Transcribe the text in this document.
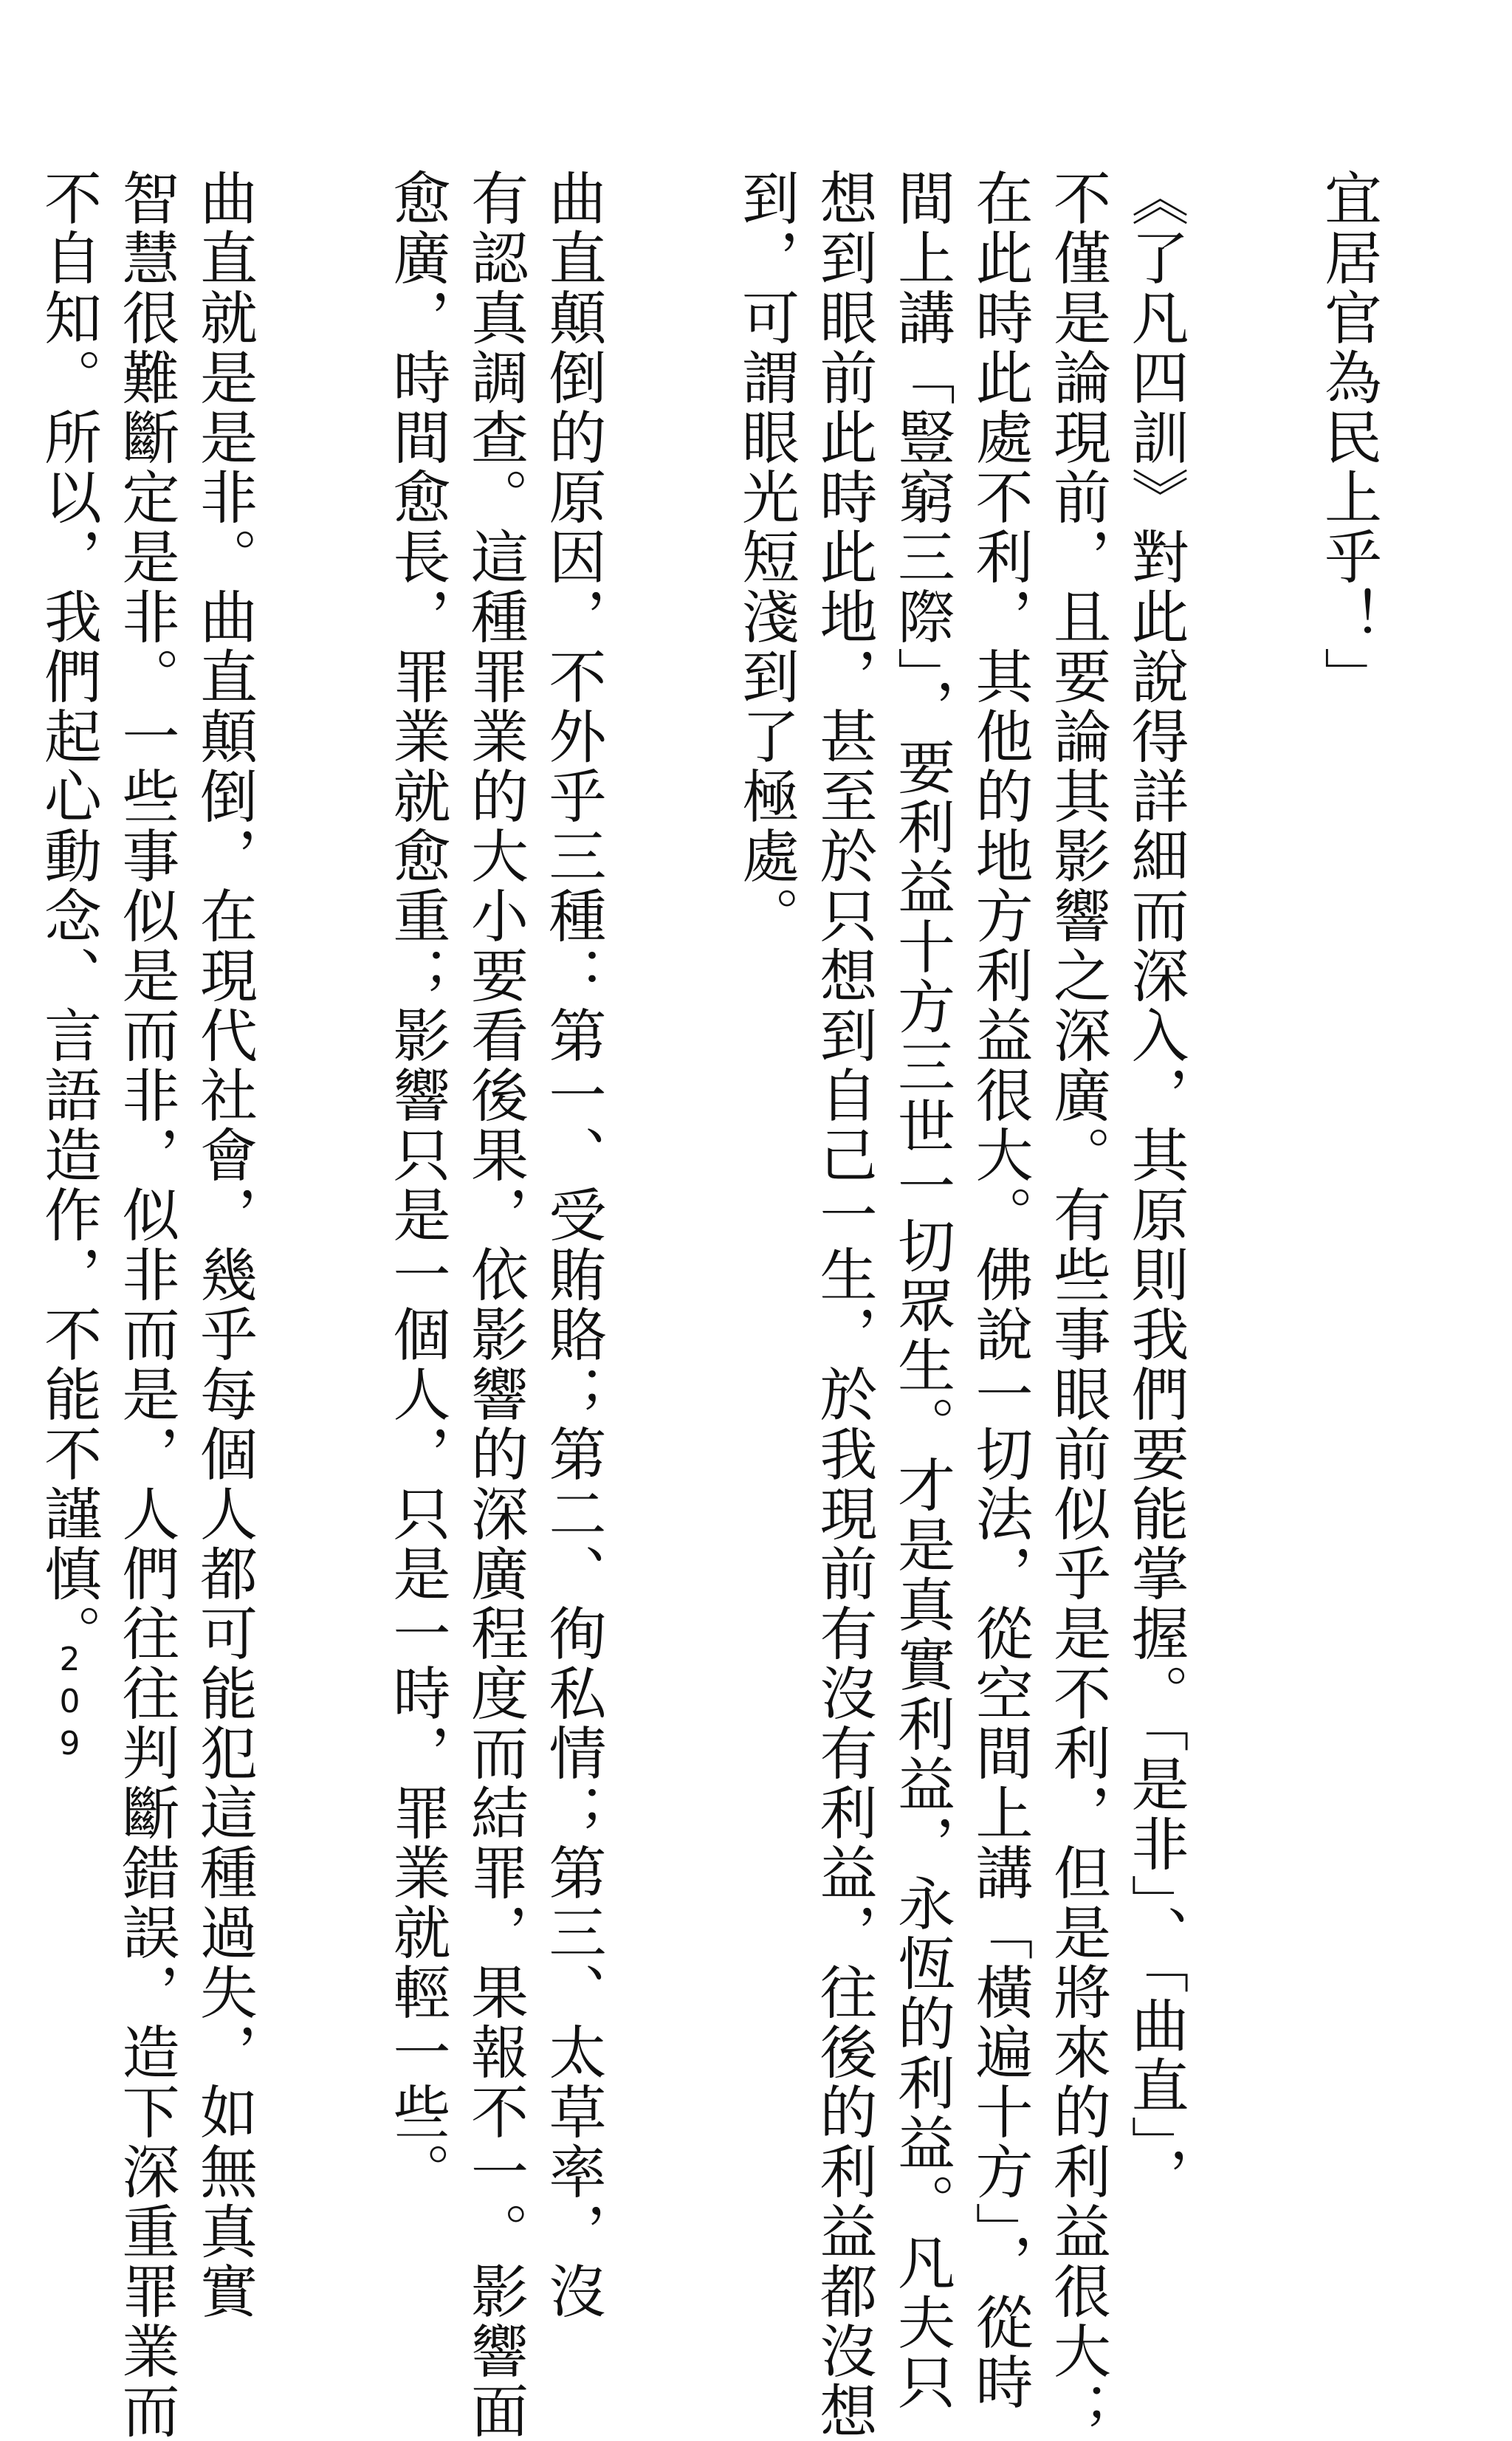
宜居官為民上乎！」
《了凡四訓》對此說得詳細而深入，其原則我們要能掌握。「是非」、「曲直」，
不僅是論現前，且要論其影響之深廣。有些事眼前似乎是不利，但是將來的利益很大；
在此時此處不利，其他的地方利益很大。佛說一切法，從空間上講「橫遍十方」，從時
間上講「豎窮三際」，要利益十方三世一切眾生。才是真實利益，永恆的利益。凡夫只
想到眼前此時此地，甚至於只想到自己一生，於我現前有沒有利益，往後的利益都沒想
到，可謂眼光短淺到了極處。
曲直顛倒的原因，不外乎三種：第一、受賄賂；第二、徇私情；第三、太草率，沒
有認真調查。這種罪業的大小要看後果，依影響的深廣程度而結罪，果報不一。影響面
愈廣，時間愈長，罪業就愈重；影響只是一個人，只是一時，罪業就輕一些。
曲直就是是非。曲直顛倒，在現代社會，幾乎每個人都可能犯這種過失，如無真實
智慧很難斷定是非。一些事似是而非，似非而是，人們往往判斷錯誤，造下深重罪業而
不自知。所以，我們起心動念、言語造作，不能不謹慎。
209
